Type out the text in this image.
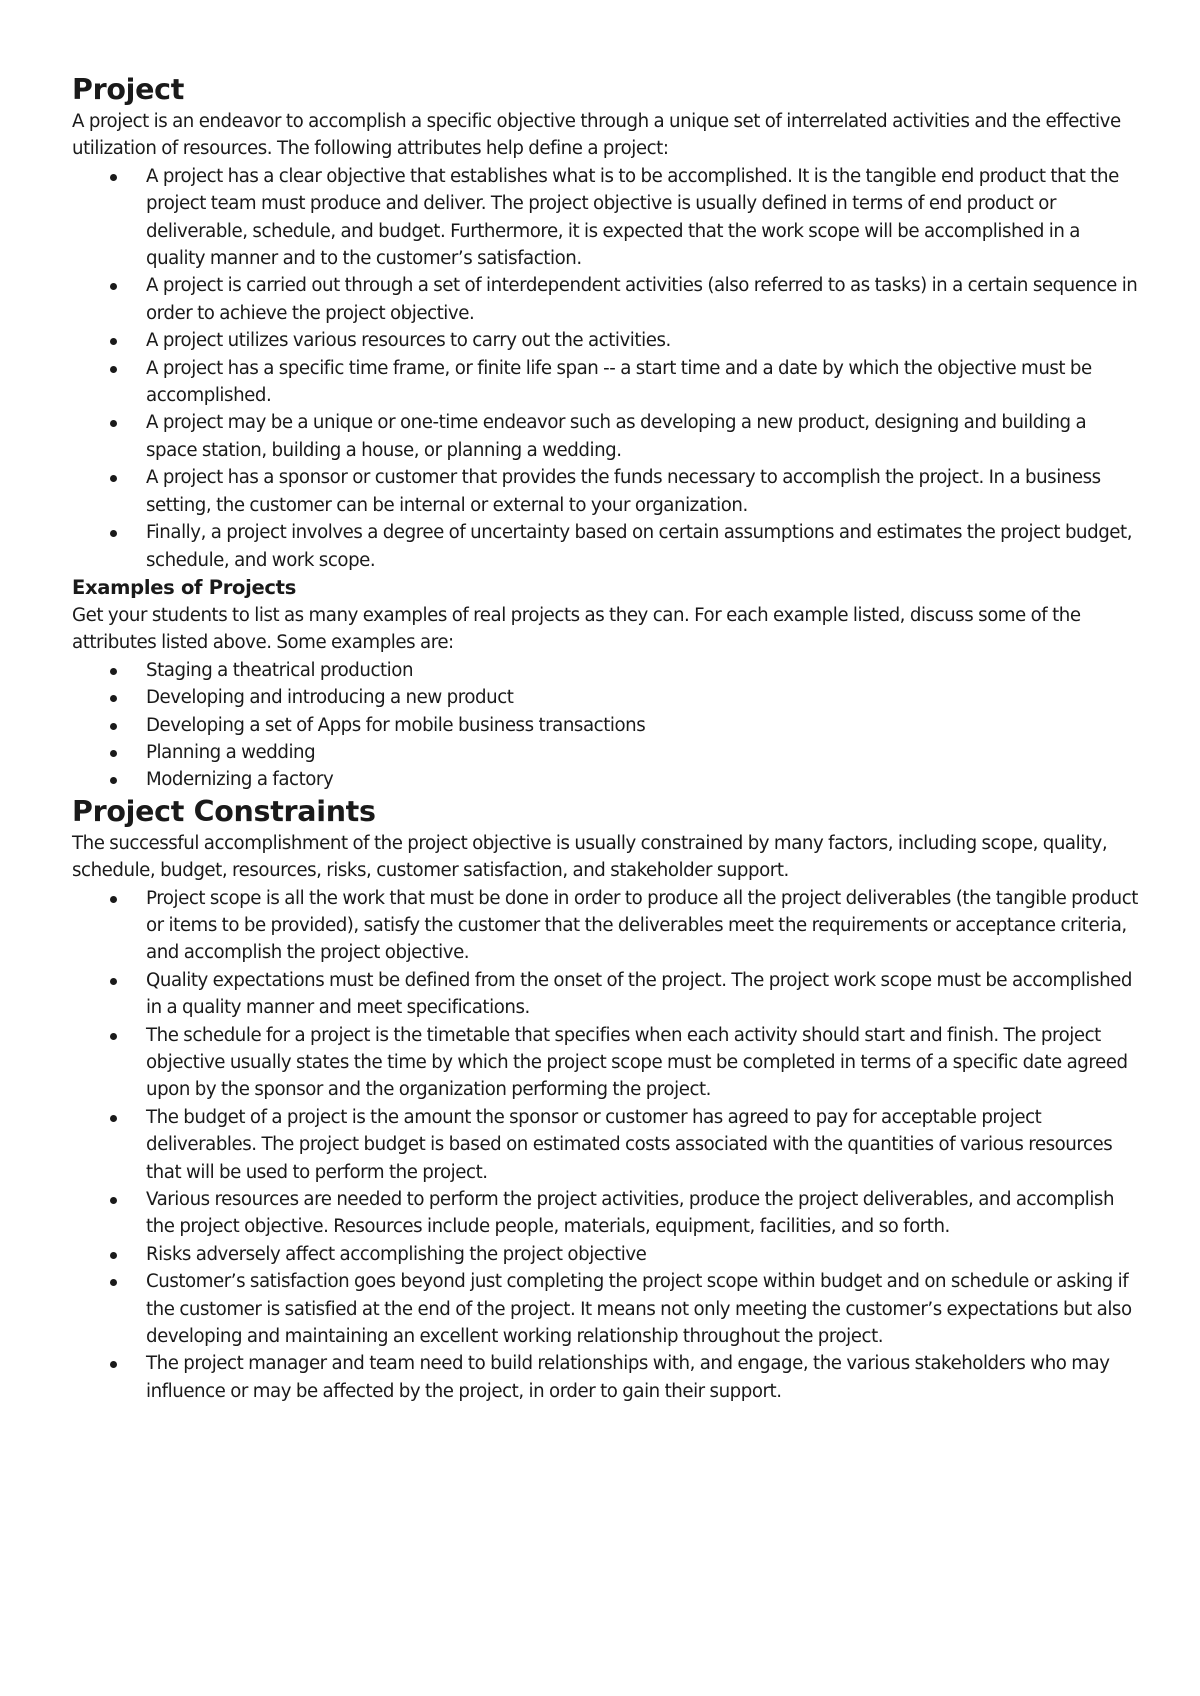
Project

A project is an endeavor to accomplish a specific objective through a unique set of interrelated activities and the effective utilization of resources. The following attributes help define a project:

A project has a clear objective that establishes what is to be accomplished. It is the tangible end product that the project team must produce and deliver. The project objective is usually defined in terms of end product or deliverable, schedule, and budget. Furthermore, it is expected that the work scope will be accomplished in a quality manner and to the customer’s satisfaction.
A project is carried out through a set of interdependent activities (also referred to as tasks) in a certain sequence in order to achieve the project objective.
A project utilizes various resources to carry out the activities.
A project has a specific time frame, or finite life span -- a start time and a date by which the objective must be accomplished.
A project may be a unique or one-time endeavor such as developing a new product, designing and building a space station, building a house, or planning a wedding.
A project has a sponsor or customer that provides the funds necessary to accomplish the project. In a business setting, the customer can be internal or external to your organization.
Finally, a project involves a degree of uncertainty based on certain assumptions and estimates the project budget, schedule, and work scope.
Examples of Projects

Get your students to list as many examples of real projects as they can. For each example listed, discuss some of the attributes listed above. Some examples are:

Staging a theatrical production
Developing and introducing a new product
Developing a set of Apps for mobile business transactions
Planning a wedding
Modernizing a factory
Project Constraints

The successful accomplishment of the project objective is usually constrained by many factors, including scope, quality, schedule, budget, resources, risks, customer satisfaction, and stakeholder support.

Project scope is all the work that must be done in order to produce all the project deliverables (the tangible product or items to be provided), satisfy the customer that the deliverables meet the requirements or acceptance criteria, and accomplish the project objective.
Quality expectations must be defined from the onset of the project. The project work scope must be accomplished in a quality manner and meet specifications.
The schedule for a project is the timetable that specifies when each activity should start and finish. The project objective usually states the time by which the project scope must be completed in terms of a specific date agreed upon by the sponsor and the organization performing the project.
The budget of a project is the amount the sponsor or customer has agreed to pay for acceptable project deliverables. The project budget is based on estimated costs associated with the quantities of various resources that will be used to perform the project.
Various resources are needed to perform the project activities, produce the project deliverables, and accomplish the project objective. Resources include people, materials, equipment, facilities, and so forth.
Risks adversely affect accomplishing the project objective
Customer’s satisfaction goes beyond just completing the project scope within budget and on schedule or asking if the customer is satisfied at the end of the project. It means not only meeting the customer’s expectations but also developing and maintaining an excellent working relationship throughout the project.
The project manager and team need to build relationships with, and engage, the various stakeholders who may influence or may be affected by the project, in order to gain their support.
